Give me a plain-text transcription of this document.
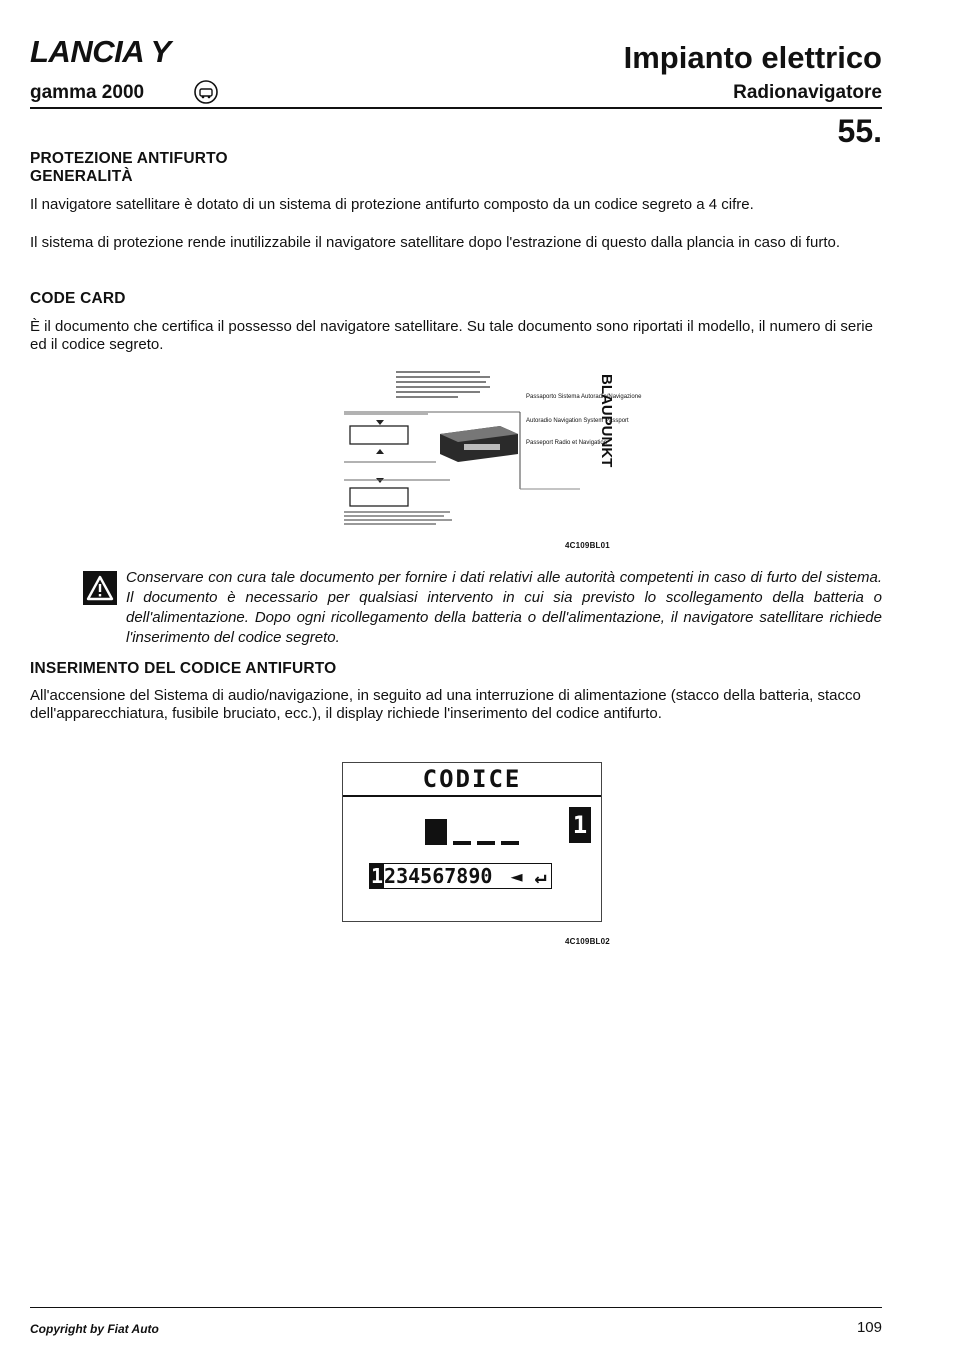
LANCIA Y
gamma 2000
Impianto elettrico
Radionavigatore
55.
PROTEZIONE ANTIFURTO
GENERALITÀ
Il navigatore satellitare è dotato di un sistema di protezione antifurto composto da un codice segreto a 4 cifre.
Il sistema di protezione rende inutilizzabile il navigatore satellitare dopo l'estrazione di questo dalla plancia in caso di furto.
CODE CARD
È il documento che certifica il possesso del navigatore satellitare. Su tale documento sono riportati il modello, il numero di serie ed il codice segreto.
Passaporto Sistema Autoradio/Navigazione
Autoradio Navigation System Passport
Passeport Radio et Navigation
BLAUPUNKT
4C109BL01
Conservare con cura tale documento per fornire i dati relativi alle autorità competenti in caso di furto del sistema. Il documento è necessario per qualsiasi intervento in cui sia previsto lo scollegamento della batteria o dell'alimentazione. Dopo ogni ricollegamento della batteria o dell'alimentazione, il navigatore satellitare richiede l'inserimento del codice segreto.
INSERIMENTO DEL CODICE ANTIFURTO
All'accensione del Sistema di audio/navigazione, in seguito ad una interruzione di alimentazione (stacco della batteria, stacco dell'apparecchiatura, fusibile bruciato, ecc.), il display richiede l'inserimento del codice antifurto.
CODICE
1
1234567890 ◄ ↵
4C109BL02
Copyright by Fiat Auto	109
